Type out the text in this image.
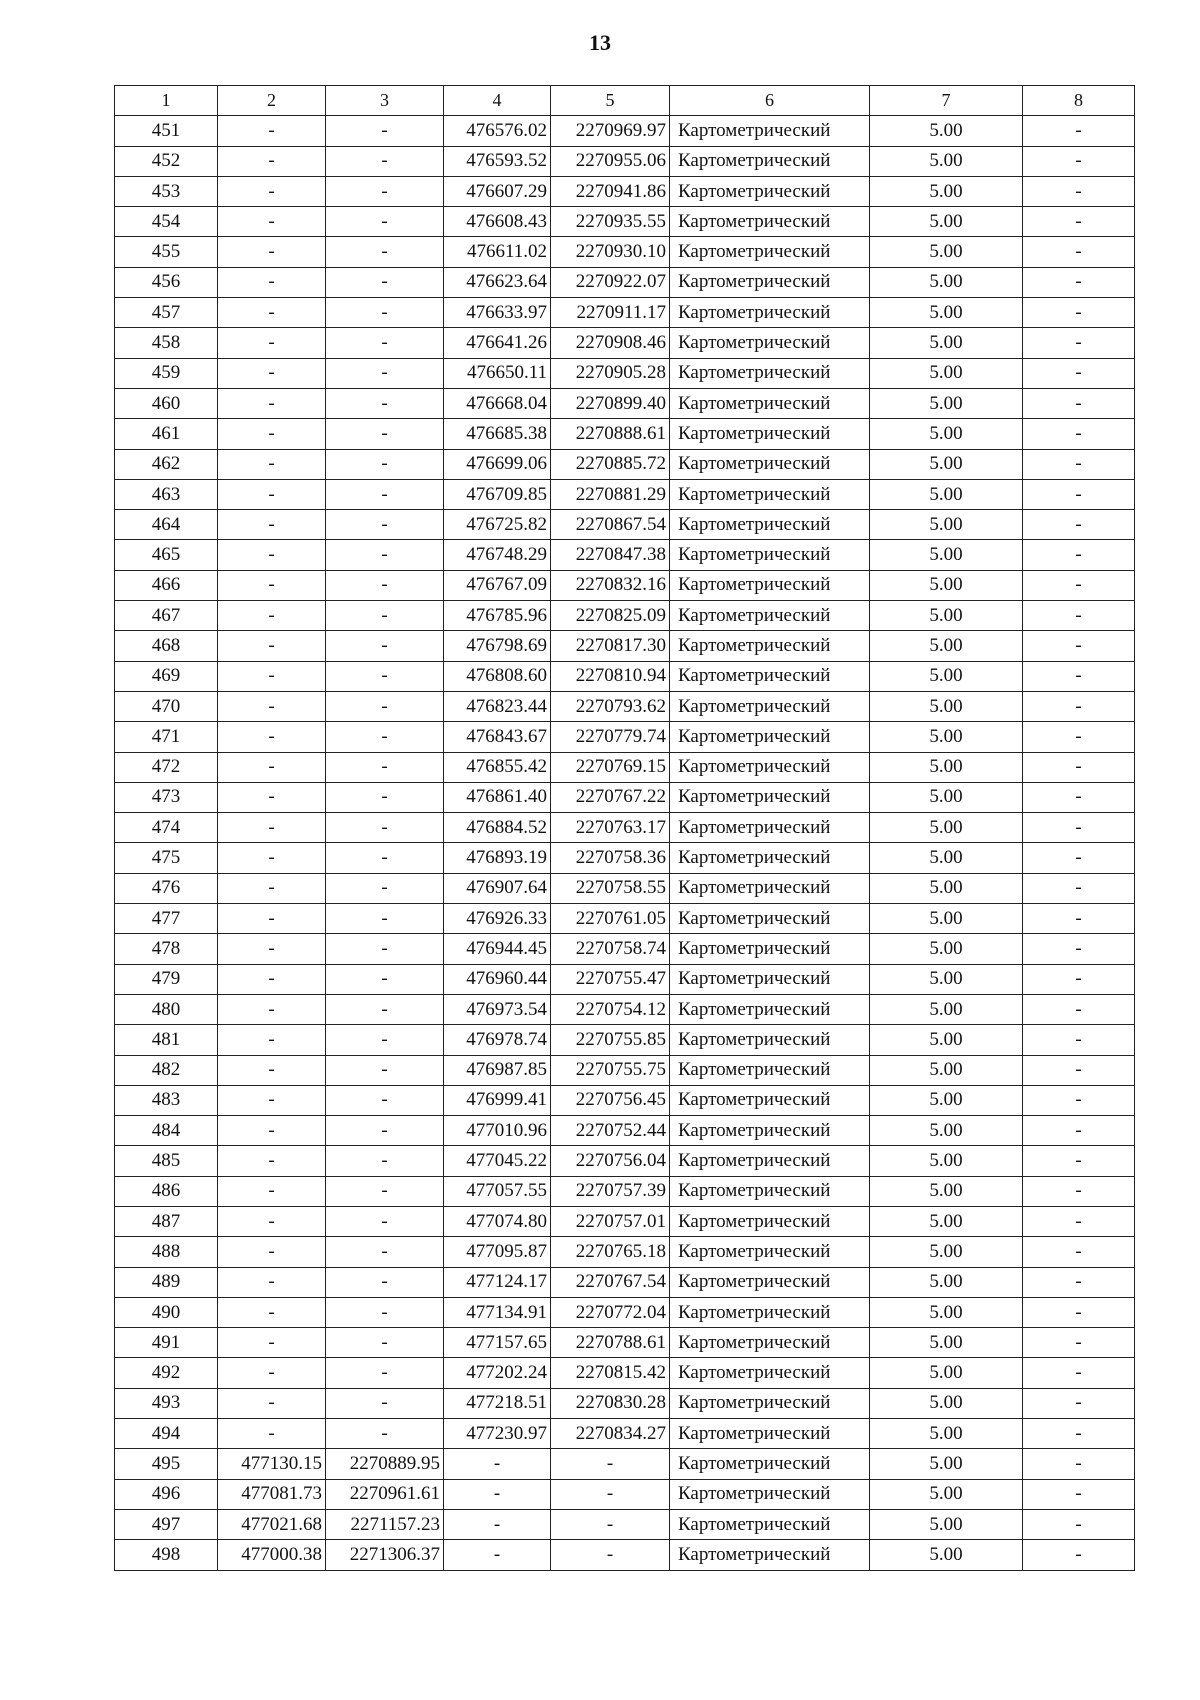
13
1	2	3	4	5	6	7	8
451	-	-	476576.02	2270969.97	Картометрический	5.00	-
452	-	-	476593.52	2270955.06	Картометрический	5.00	-
453	-	-	476607.29	2270941.86	Картометрический	5.00	-
454	-	-	476608.43	2270935.55	Картометрический	5.00	-
455	-	-	476611.02	2270930.10	Картометрический	5.00	-
456	-	-	476623.64	2270922.07	Картометрический	5.00	-
457	-	-	476633.97	2270911.17	Картометрический	5.00	-
458	-	-	476641.26	2270908.46	Картометрический	5.00	-
459	-	-	476650.11	2270905.28	Картометрический	5.00	-
460	-	-	476668.04	2270899.40	Картометрический	5.00	-
461	-	-	476685.38	2270888.61	Картометрический	5.00	-
462	-	-	476699.06	2270885.72	Картометрический	5.00	-
463	-	-	476709.85	2270881.29	Картометрический	5.00	-
464	-	-	476725.82	2270867.54	Картометрический	5.00	-
465	-	-	476748.29	2270847.38	Картометрический	5.00	-
466	-	-	476767.09	2270832.16	Картометрический	5.00	-
467	-	-	476785.96	2270825.09	Картометрический	5.00	-
468	-	-	476798.69	2270817.30	Картометрический	5.00	-
469	-	-	476808.60	2270810.94	Картометрический	5.00	-
470	-	-	476823.44	2270793.62	Картометрический	5.00	-
471	-	-	476843.67	2270779.74	Картометрический	5.00	-
472	-	-	476855.42	2270769.15	Картометрический	5.00	-
473	-	-	476861.40	2270767.22	Картометрический	5.00	-
474	-	-	476884.52	2270763.17	Картометрический	5.00	-
475	-	-	476893.19	2270758.36	Картометрический	5.00	-
476	-	-	476907.64	2270758.55	Картометрический	5.00	-
477	-	-	476926.33	2270761.05	Картометрический	5.00	-
478	-	-	476944.45	2270758.74	Картометрический	5.00	-
479	-	-	476960.44	2270755.47	Картометрический	5.00	-
480	-	-	476973.54	2270754.12	Картометрический	5.00	-
481	-	-	476978.74	2270755.85	Картометрический	5.00	-
482	-	-	476987.85	2270755.75	Картометрический	5.00	-
483	-	-	476999.41	2270756.45	Картометрический	5.00	-
484	-	-	477010.96	2270752.44	Картометрический	5.00	-
485	-	-	477045.22	2270756.04	Картометрический	5.00	-
486	-	-	477057.55	2270757.39	Картометрический	5.00	-
487	-	-	477074.80	2270757.01	Картометрический	5.00	-
488	-	-	477095.87	2270765.18	Картометрический	5.00	-
489	-	-	477124.17	2270767.54	Картометрический	5.00	-
490	-	-	477134.91	2270772.04	Картометрический	5.00	-
491	-	-	477157.65	2270788.61	Картометрический	5.00	-
492	-	-	477202.24	2270815.42	Картометрический	5.00	-
493	-	-	477218.51	2270830.28	Картометрический	5.00	-
494	-	-	477230.97	2270834.27	Картометрический	5.00	-
495	477130.15	2270889.95	-	-	Картометрический	5.00	-
496	477081.73	2270961.61	-	-	Картометрический	5.00	-
497	477021.68	2271157.23	-	-	Картометрический	5.00	-
498	477000.38	2271306.37	-	-	Картометрический	5.00	-
